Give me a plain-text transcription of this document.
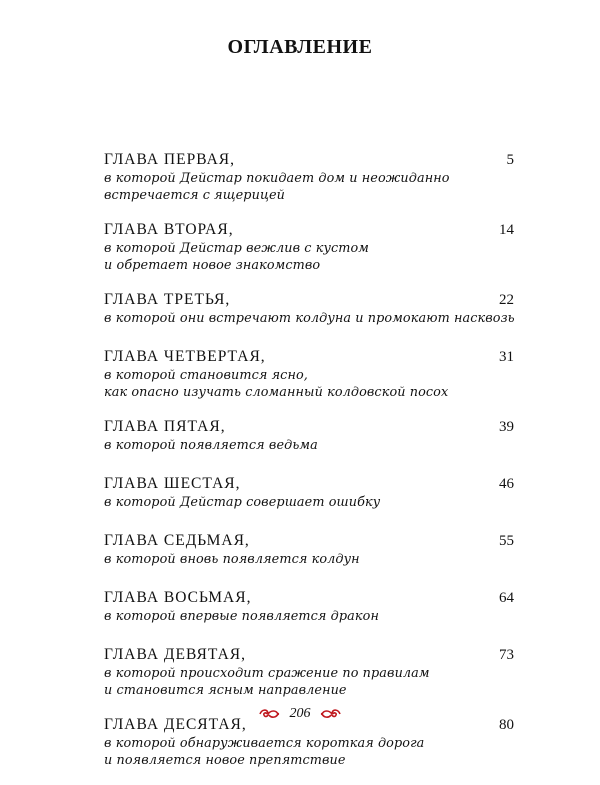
ОГЛАВЛЕНИЕ
ГЛАВА ПЕРВАЯ,	5
в которой Дейстар покидает дом и неожиданно
встречается с ящерицей
ГЛАВА ВТОРАЯ,	14
в которой Дейстар вежлив с кустом
и обретает новое знакомство
ГЛАВА ТРЕТЬЯ,	22
в которой они встречают колдуна и промокают насквозь
ГЛАВА ЧЕТВЕРТАЯ,	31
в которой становится ясно,
как опасно изучать сломанный колдовской посох
ГЛАВА ПЯТАЯ,	39
в которой появляется ведьма
ГЛАВА ШЕСТАЯ,	46
в которой Дейстар совершает ошибку
ГЛАВА СЕДЬМАЯ,	55
в которой вновь появляется колдун
ГЛАВА ВОСЬМАЯ,	64
в которой впервые появляется дракон
ГЛАВА ДЕВЯТАЯ,	73
в которой происходит сражение по правилам
и становится ясным направление
ГЛАВА ДЕСЯТАЯ,	80
в которой обнаруживается короткая дорога
и появляется новое препятствие
206
